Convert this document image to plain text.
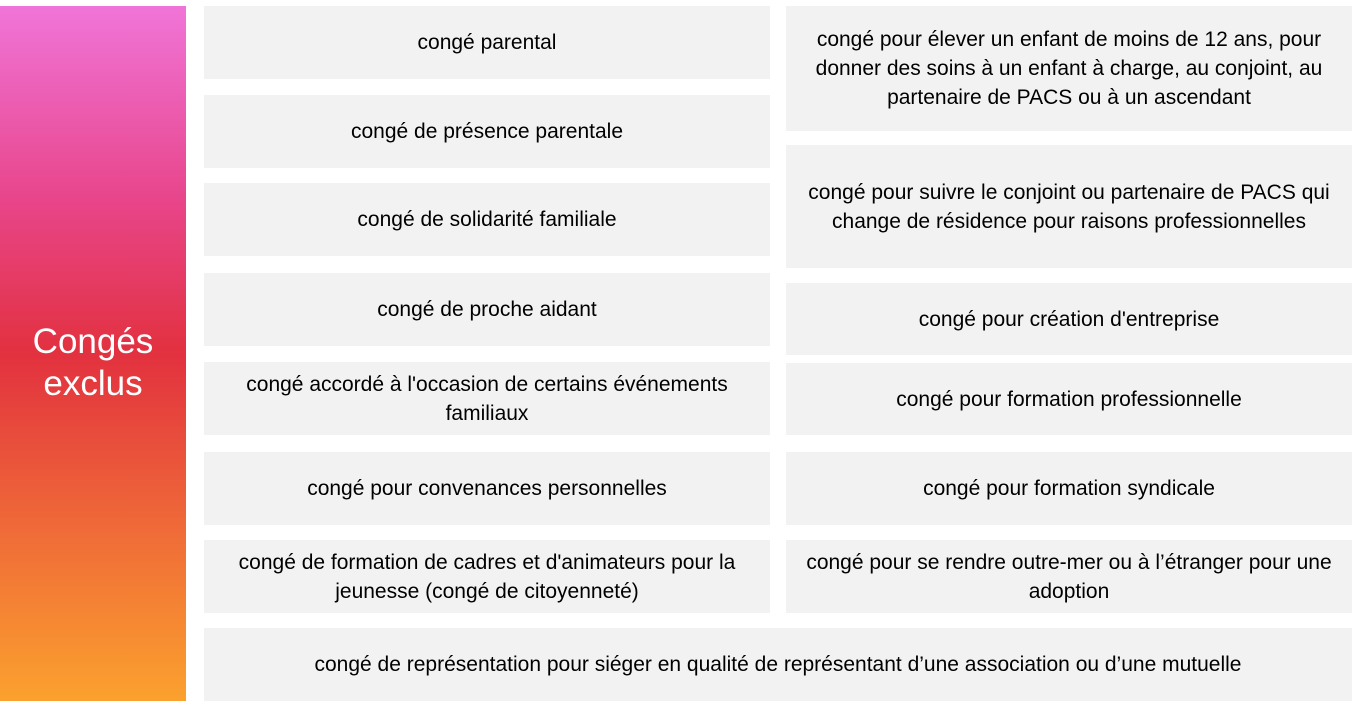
Congés
exclus
congé parental
congé de présence parentale
congé de solidarité familiale
congé de proche aidant
congé accordé à l'occasion de certains événements familiaux
congé pour convenances personnelles
congé de formation de cadres et d'animateurs pour la jeunesse (congé de citoyenneté)
congé pour élever un enfant de moins de 12 ans, pour donner des soins à un enfant à charge, au conjoint, au partenaire de PACS ou à un ascendant
congé pour suivre le conjoint ou partenaire de PACS qui change de résidence pour raisons professionnelles
congé pour création d'entreprise
congé pour formation professionnelle
congé pour formation syndicale
congé pour se rendre outre-mer ou à l’étranger pour une adoption
congé de représentation pour siéger en qualité de représentant d’une association ou d’une mutuelle
